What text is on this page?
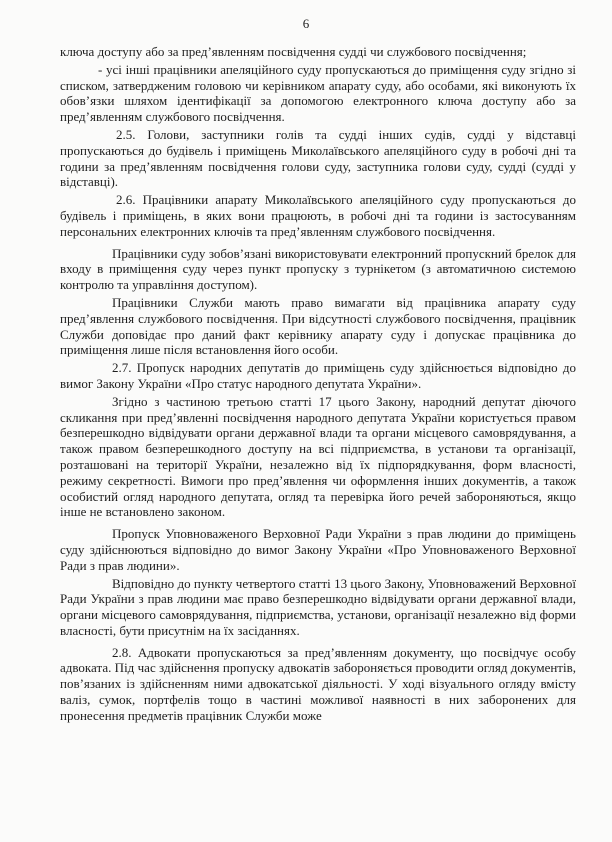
6

ключа доступу або за пред’явленням посвідчення судді чи службового посвідчення;

- усі інші працівники апеляційного суду пропускаються до приміщення суду згідно зі списком, затвердженим головою чи керівником апарату суду, або особами, які виконують їх обов’язки шляхом ідентифікації за допомогою електронного ключа доступу або за пред’явленням службового посвідчення.

2.5. Голови, заступники голів та судді інших судів, судді у відставці пропускаються до будівель і приміщень Миколаївського апеляційного суду в робочі дні та години за пред’явленням посвідчення голови суду, заступника голови суду, судді (судді у відставці).

2.6. Працівники апарату Миколаївського апеляційного суду пропускаються до будівель і приміщень, в яких вони працюють, в робочі дні та години із застосуванням персональних електронних ключів та пред’явленням службового посвідчення.

Працівники суду зобов’язані використовувати електронний пропускний брелок для входу в приміщення суду через пункт пропуску з турнікетом (з автоматичною системою контролю та управління доступом).

Працівники Служби мають право вимагати від працівника апарату суду пред’явлення службового посвідчення. При відсутності службового посвідчення, працівник Служби доповідає про даний факт керівнику апарату суду і допускає працівника до приміщення лише після встановлення його особи.

2.7. Пропуск народних депутатів до приміщень суду здійснюється відповідно до вимог Закону України «Про статус народного депутата України».

Згідно з частиною третьою статті 17 цього Закону, народний депутат діючого скликання при пред’явленні посвідчення народного депутата України користується правом безперешкодно відвідувати органи державної влади та органи місцевого самоврядування, а також правом безперешкодного доступу на всі підприємства, в установи та організації, розташовані на території України, незалежно від їх підпорядкування, форм власності, режиму секретності. Вимоги про пред’явлення чи оформлення інших документів, а також особистий огляд народного депутата, огляд та перевірка його речей забороняються, якщо інше не встановлено законом.

Пропуск Уповноваженого Верховної Ради України з прав людини до приміщень суду здійснюються відповідно до вимог Закону України «Про Уповноваженого Верховної Ради з прав людини».

Відповідно до пункту четвертого статті 13 цього Закону, Уповноважений Верховної Ради України з прав людини має право безперешкодно відвідувати органи державної влади, органи місцевого самоврядування, підприємства, установи, організації незалежно від форми власності, бути присутнім на їх засіданнях.

2.8. Адвокати пропускаються за пред’явленням документу, що посвідчує особу адвоката. Під час здійснення пропуску адвокатів забороняється проводити огляд документів, пов’язаних із здійсненням ними адвокатської діяльності. У ході візуального огляду вмісту валіз, сумок, портфелів тощо в частині можливої наявності в них заборонених для пронесення предметів працівник Служби може
